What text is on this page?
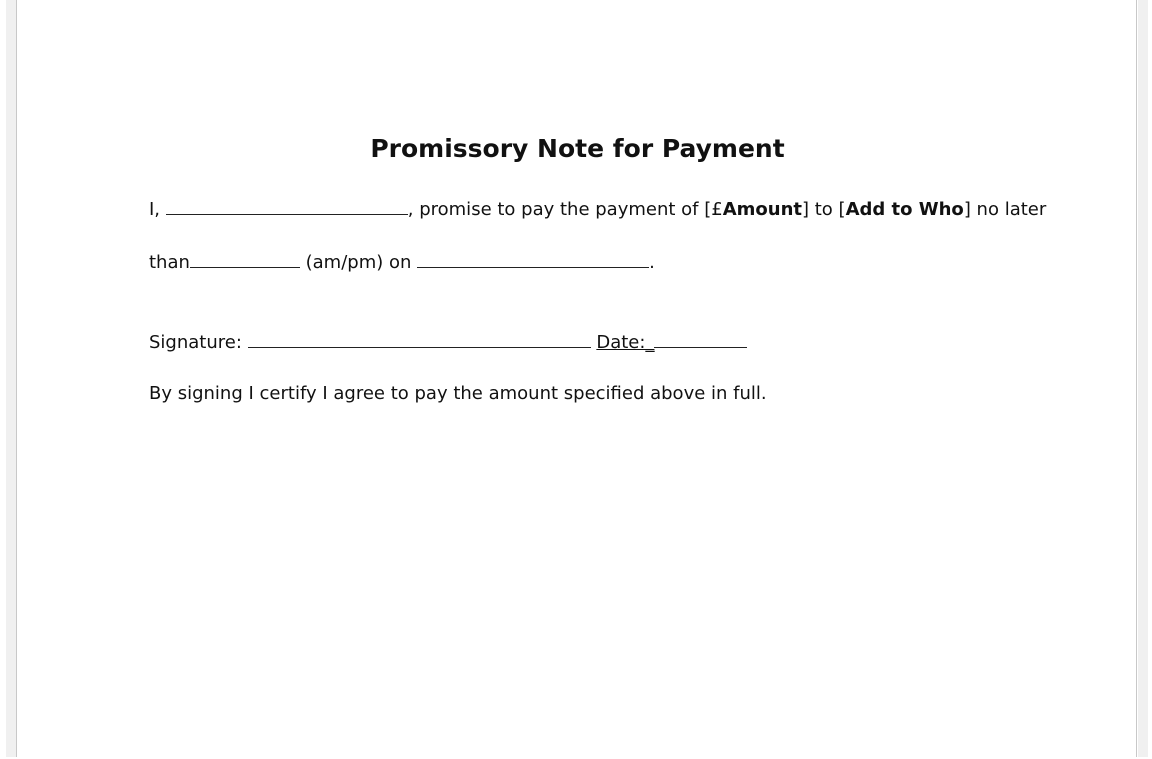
Promissory Note for Payment
I,	, promise to pay the payment of [£Amount] to [Add to Who] no later
than	(am/pm) on	.
Signature:	Date:_
By signing I certify I agree to pay the amount specified above in full.
